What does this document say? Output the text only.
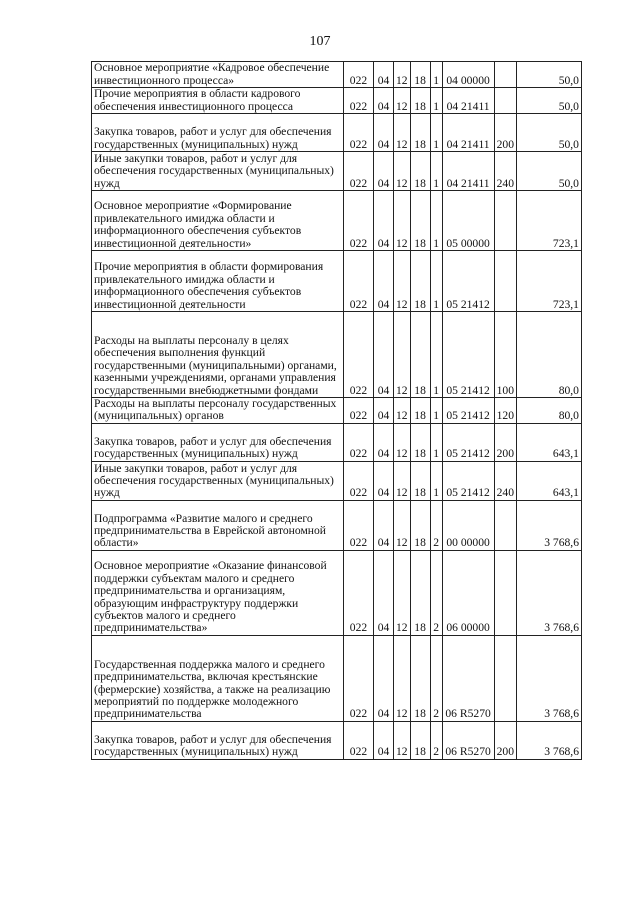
107
Основное мероприятие «Кадровое обеспечение инвестиционного процесса»	022	04	12	18	1	04 00000		50,0
Прочие мероприятия в области кадрового обеспечения инвестиционного процесса	022	04	12	18	1	04 21411		50,0
Закупка товаров, работ и услуг для обеспечения государственных (муниципальных) нужд	022	04	12	18	1	04 21411	200	50,0
Иные закупки товаров, работ и услуг для обеспечения государственных (муниципальных) нужд	022	04	12	18	1	04 21411	240	50,0
Основное мероприятие «Формирование привлекательного имиджа области и информационного обеспечения субъектов инвестиционной деятельности»	022	04	12	18	1	05 00000		723,1
Прочие мероприятия в области формирования привлекательного имиджа области и информационного обеспечения субъектов инвестиционной деятельности	022	04	12	18	1	05 21412		723,1
Расходы на выплаты персоналу в целях обеспечения выполнения функций государственными (муниципальными) органами, казенными учреждениями, органами управления государственными внебюджетными фондами	022	04	12	18	1	05 21412	100	80,0
Расходы на выплаты персоналу государственных (муниципальных) органов	022	04	12	18	1	05 21412	120	80,0
Закупка товаров, работ и услуг для обеспечения государственных (муниципальных) нужд	022	04	12	18	1	05 21412	200	643,1
Иные закупки товаров, работ и услуг для обеспечения государственных (муниципальных) нужд	022	04	12	18	1	05 21412	240	643,1
Подпрограмма «Развитие малого и среднего предпринимательства в Еврейской автономной области»	022	04	12	18	2	00 00000		3 768,6
Основное мероприятие «Оказание финансовой поддержки субъектам малого и среднего предпринимательства и организациям, образующим инфраструктуру поддержки субъектов малого и среднего предпринимательства»	022	04	12	18	2	06 00000		3 768,6
Государственная поддержка малого и среднего предпринимательства, включая крестьянские (фермерские) хозяйства, а также на реализацию мероприятий по поддержке молодежного предпринимательства	022	04	12	18	2	06 R5270		3 768,6
Закупка товаров, работ и услуг для обеспечения государственных (муниципальных) нужд	022	04	12	18	2	06 R5270	200	3 768,6
